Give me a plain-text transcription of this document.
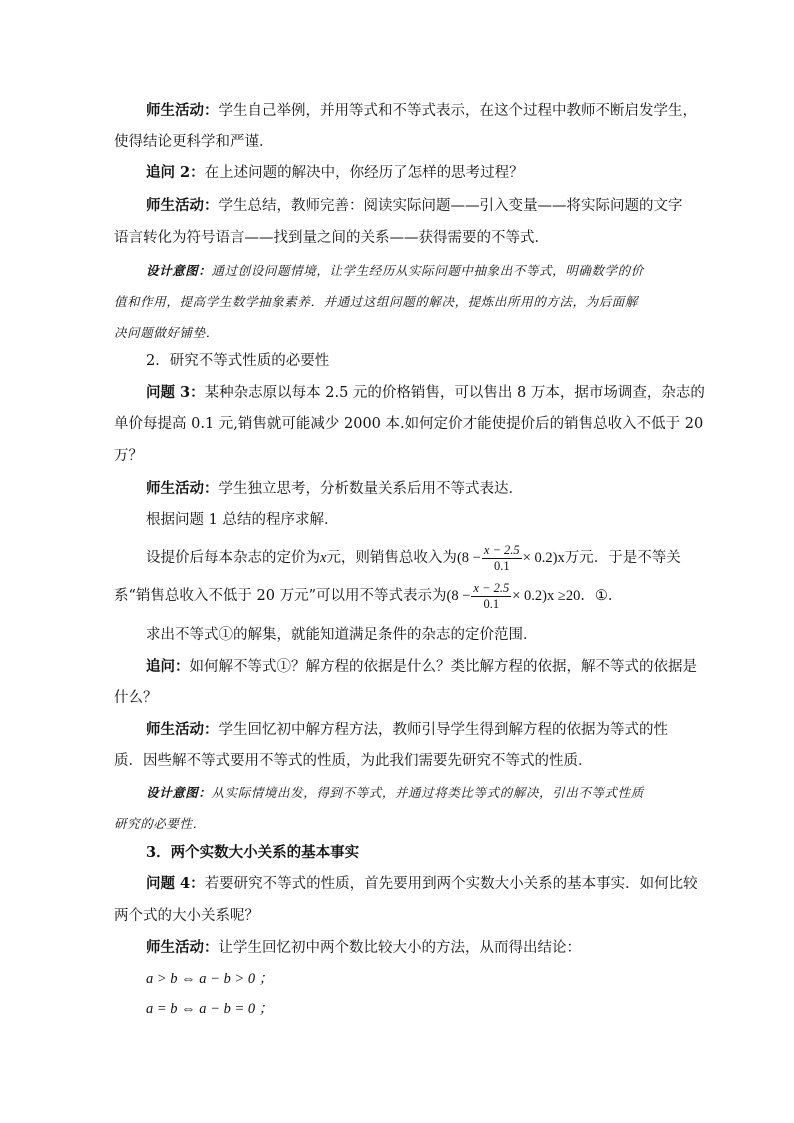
师生活动：学生自己举例，并用等式和不等式表示，在这个过程中教师不断启发学生，
使得结论更科学和严谨．
追问 2：在上述问题的解决中，你经历了怎样的思考过程？
师生活动：学生总结，教师完善：阅读实际问题——引入变量——将实际问题的文字
语言转化为符号语言——找到量之间的关系——获得需要的不等式．
设计意图：通过创设问题情境，让学生经历从实际问题中抽象出不等式，明确数学的价
值和作用，提高学生数学抽象素养．并通过这组问题的解决，提炼出所用的方法，为后面解
决问题做好铺垫．
2．研究不等式性质的必要性
问题 3：某种杂志原以每本 2.5 元的价格销售，可以售出 8 万本，据市场调查，杂志的
单价每提高 0.1 元,销售就可能减少 2000 本.如何定价才能使提价后的销售总收入不低于 20
万？
师生活动：学生独立思考，分析数量关系后用不等式表达．
根据问题 1 总结的程序求解．
设提价后每本杂志的定价为x元，则销售总收入为$(8 - \frac{x - 2.5}{0.1} \times 0.2)x$万元．于是不等关
系“销售总收入不低于 20 万元”可以用不等式表示为$(8 - \frac{x - 2.5}{0.1} \times 0.2)x \ge 20$．①．
求出不等式①的解集，就能知道满足条件的杂志的定价范围．
追问：如何解不等式①？解方程的依据是什么？类比解方程的依据，解不等式的依据是
什么？
师生活动：学生回忆初中解方程方法，教师引导学生得到解方程的依据为等式的性
质．因些解不等式要用不等式的性质，为此我们需要先研究不等式的性质．
设计意图：从实际情境出发，得到不等式，并通过将类比等式的解决，引出不等式性质
研究的必要性．
3．两个实数大小关系的基本事实
问题 4：若要研究不等式的性质，首先要用到两个实数大小关系的基本事实．如何比较
两个式的大小关系呢？
师生活动：让学生回忆初中两个数比较大小的方法，从而得出结论：
a > b ⇔ a − b > 0 ；
a = b ⇔ a − b = 0 ；
